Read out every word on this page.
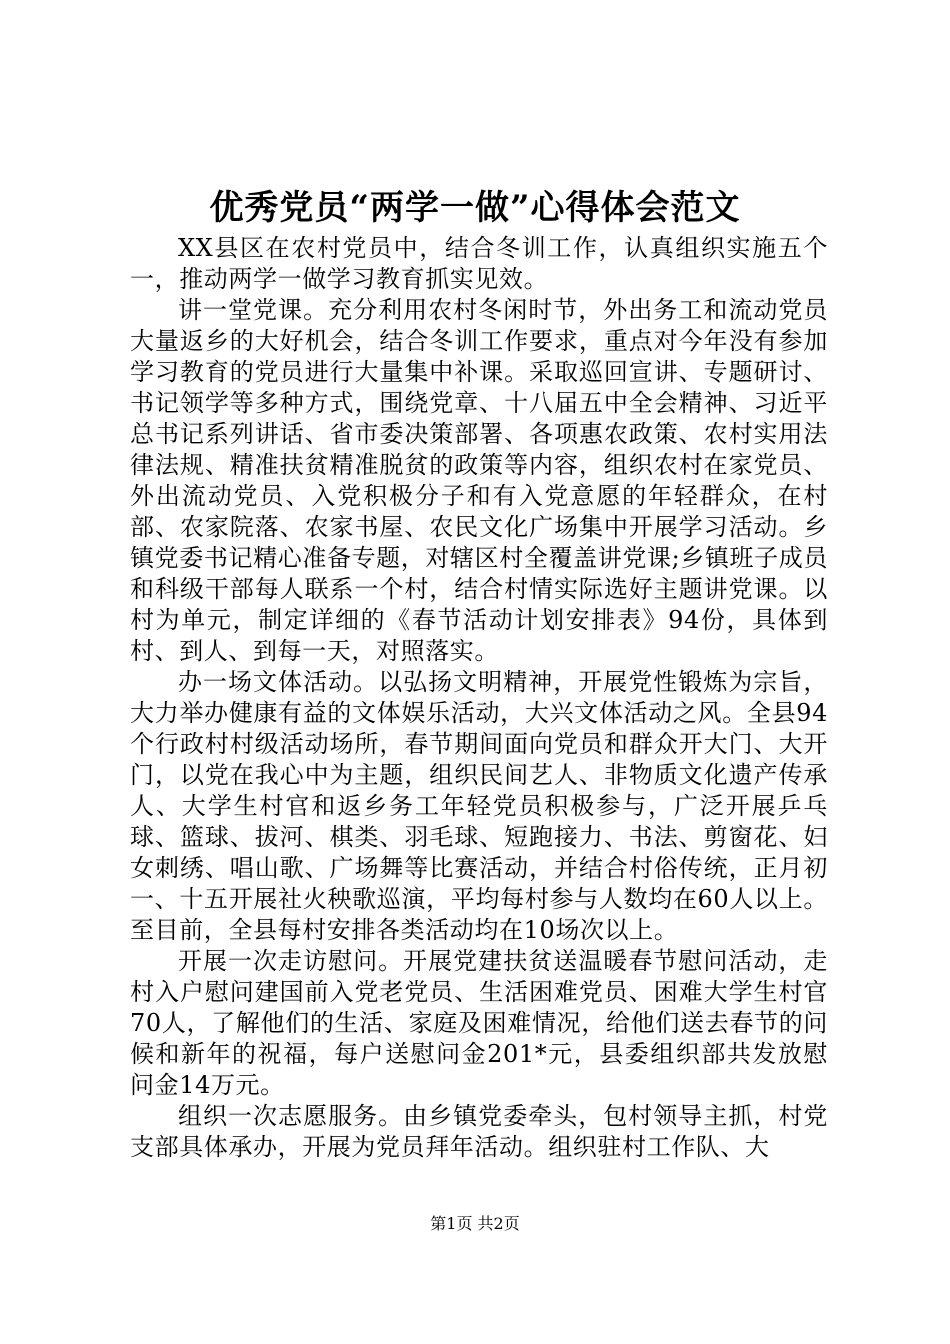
优秀党员“两学一做”心得体会范文

XX县区在农村党员中，结合冬训工作，认真组织实施五个一，推动两学一做学习教育抓实见效。

讲一堂党课。充分利用农村冬闲时节，外出务工和流动党员大量返乡的大好机会，结合冬训工作要求，重点对今年没有参加学习教育的党员进行大量集中补课。采取巡回宣讲、专题研讨、书记领学等多种方式，围绕党章、十八届五中全会精神、习近平总书记系列讲话、省市委决策部署、各项惠农政策、农村实用法律法规、精准扶贫精准脱贫的政策等内容，组织农村在家党员、外出流动党员、入党积极分子和有入党意愿的年轻群众，在村部、农家院落、农家书屋、农民文化广场集中开展学习活动。乡镇党委书记精心准备专题，对辖区村全覆盖讲党课;乡镇班子成员和科级干部每人联系一个村，结合村情实际选好主题讲党课。以村为单元，制定详细的《春节活动计划安排表》94份，具体到村、到人、到每一天，对照落实。

办一场文体活动。以弘扬文明精神，开展党性锻炼为宗旨，大力举办健康有益的文体娱乐活动，大兴文体活动之风。全县94个行政村村级活动场所，春节期间面向党员和群众开大门、大开门，以党在我心中为主题，组织民间艺人、非物质文化遗产传承人、大学生村官和返乡务工年轻党员积极参与，广泛开展乒乓球、篮球、拔河、棋类、羽毛球、短跑接力、书法、剪窗花、妇女刺绣、唱山歌、广场舞等比赛活动，并结合村俗传统，正月初一、十五开展社火秧歌巡演，平均每村参与人数均在60人以上。至目前，全县每村安排各类活动均在10场次以上。

开展一次走访慰问。开展党建扶贫送温暖春节慰问活动，走村入户慰问建国前入党老党员、生活困难党员、困难大学生村官70人，了解他们的生活、家庭及困难情况，给他们送去春节的问候和新年的祝福，每户送慰问金201*元，县委组织部共发放慰问金14万元。

组织一次志愿服务。由乡镇党委牵头，包村领导主抓，村党支部具体承办，开展为党员拜年活动。组织驻村工作队、大

第1页 共2页
